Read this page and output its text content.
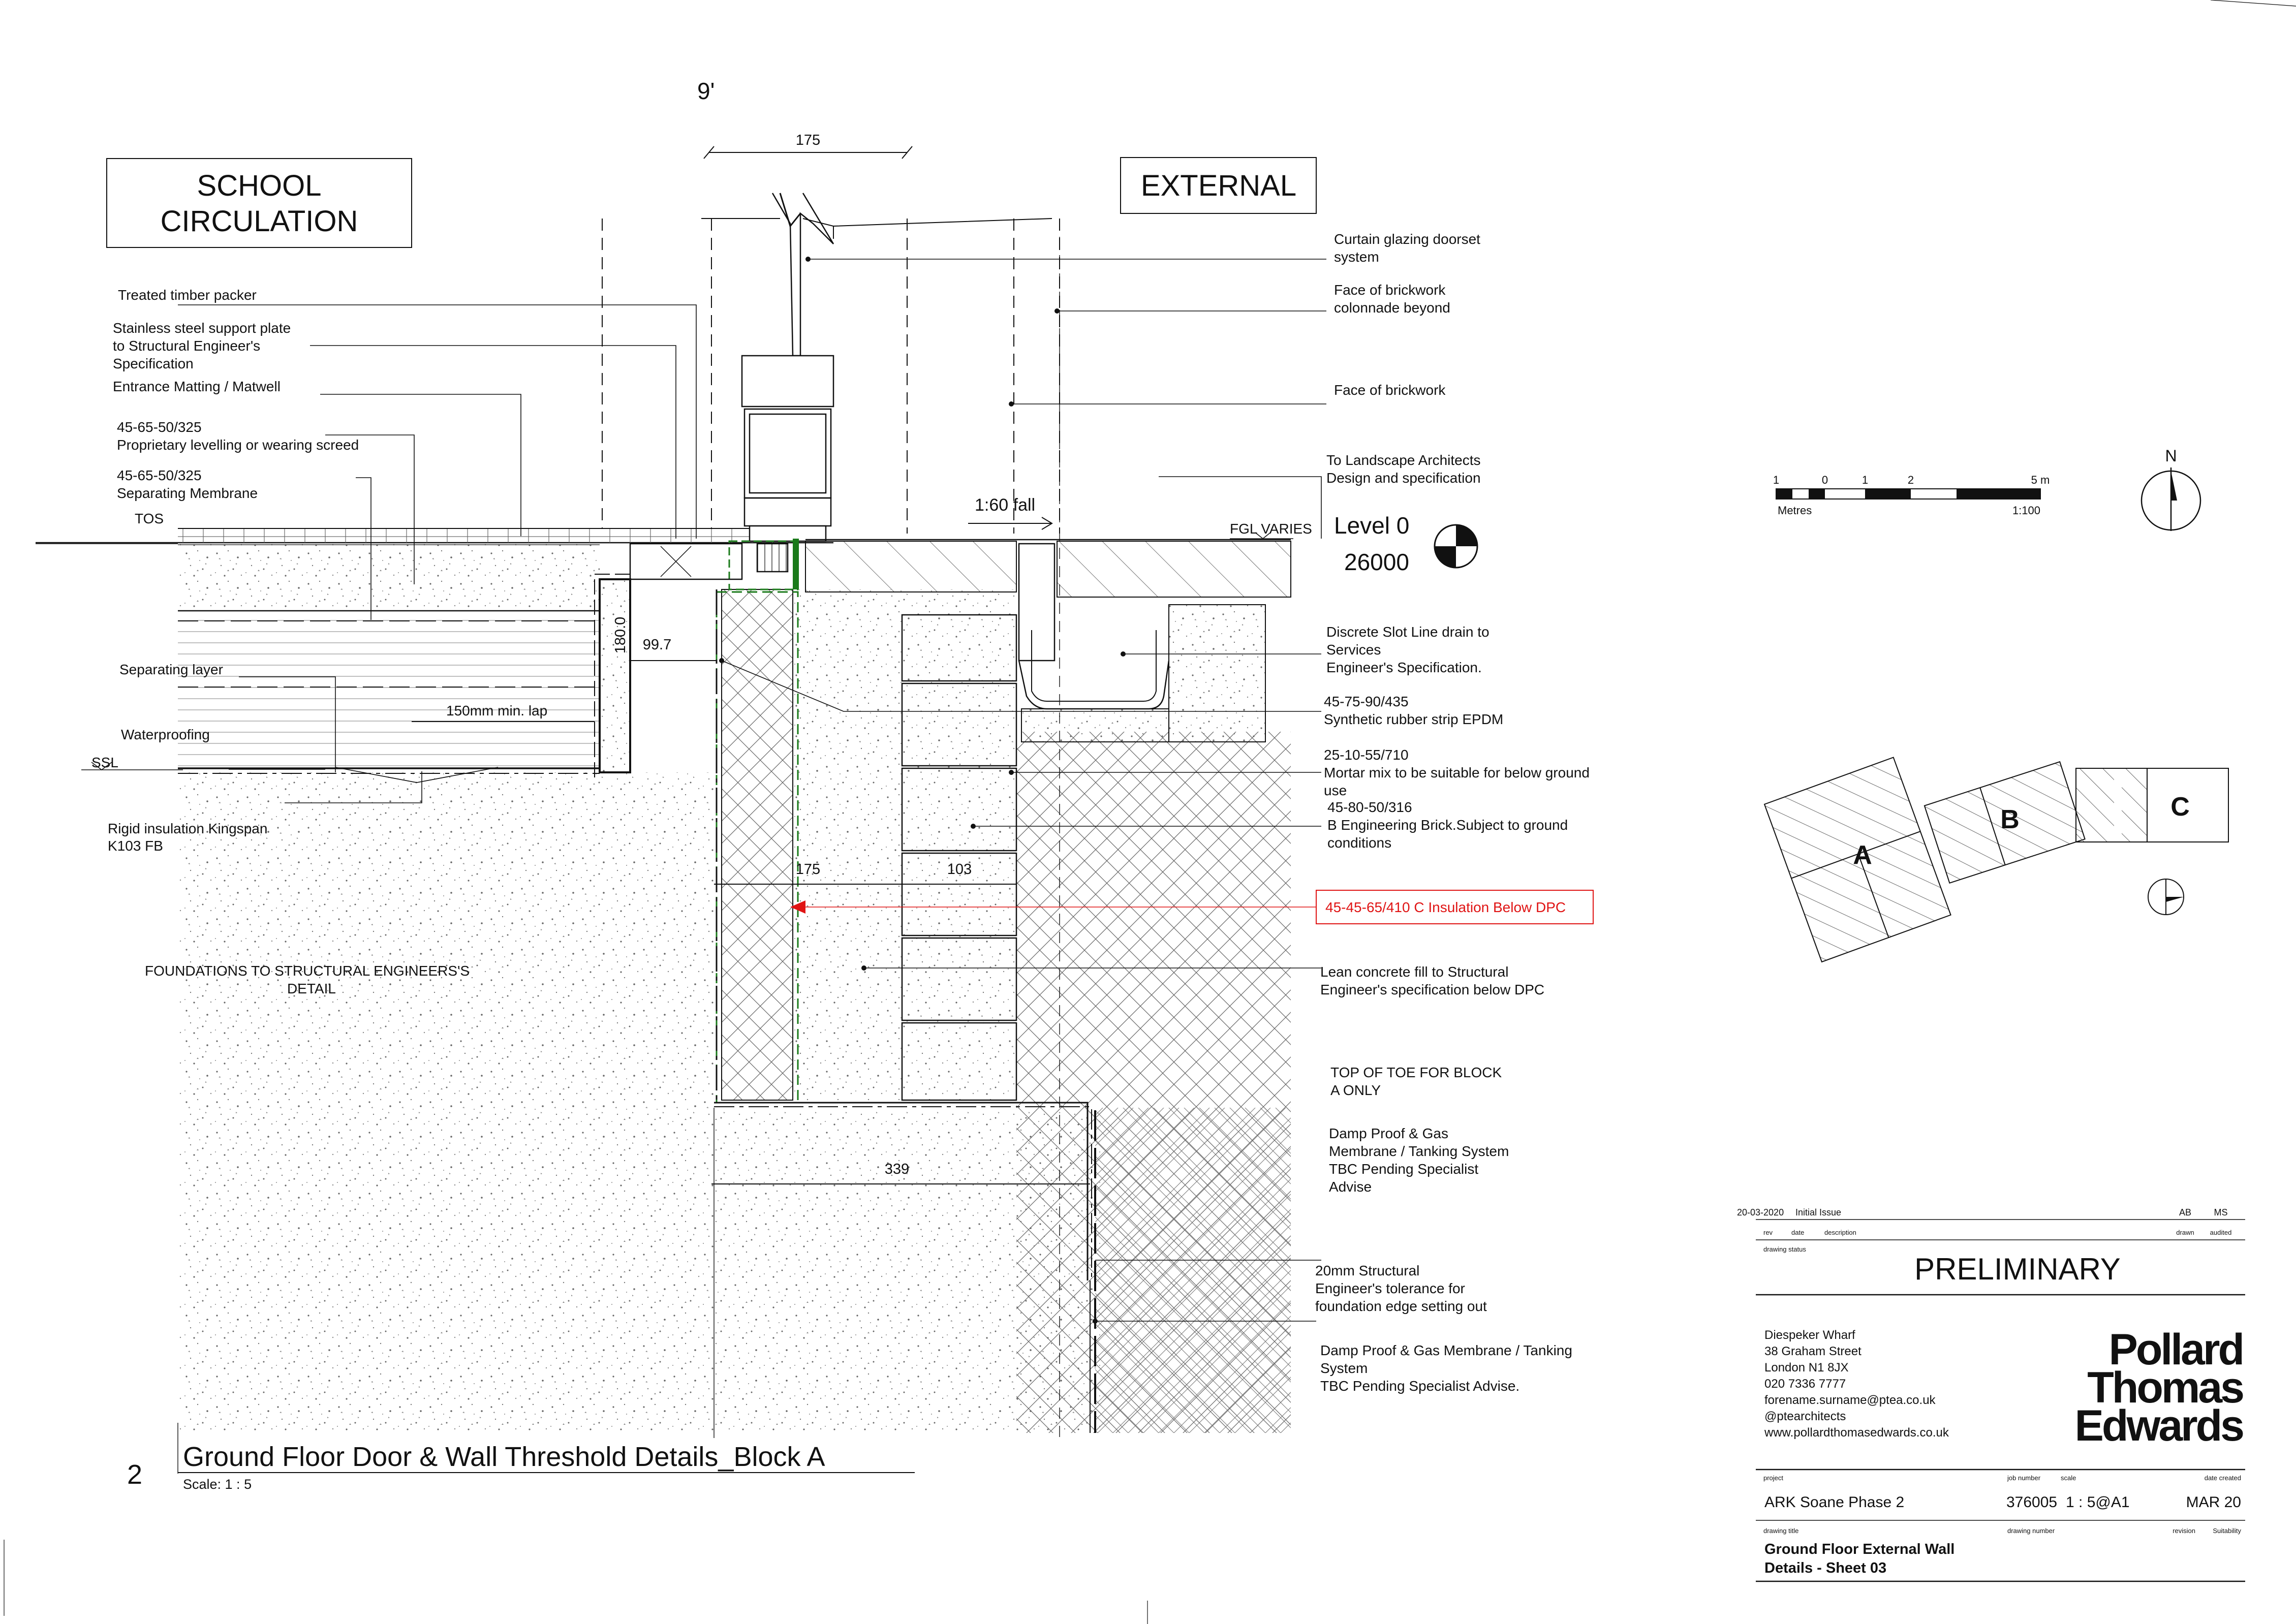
9'
SCHOOL
CIRCULATION
EXTERNAL
175
175	103
339
99.7
180.0
150mm min. lap
1:60 fall
TOS
SSL
FGL VARIES Level 0
26000
Treated timber packer
Stainless steel support plate
to Structural Engineer's
Specification
Entrance Matting / Matwell
45-65-50/325
Proprietary levelling or wearing screed
45-65-50/325
Separating Membrane
Separating layer
Waterproofing
Rigid insulation Kingspan
K103 FB
FOUNDATIONS TO STRUCTURAL ENGINEERS'S
DETAIL
Curtain glazing doorset
system
Face of brickwork
colonnade beyond
Face of brickwork
To Landscape Architects
Design and specification
Discrete Slot Line drain to
Services
Engineer's Specification.
45-75-90/435
Synthetic rubber strip EPDM
25-10-55/710
Mortar mix to be suitable for below ground
use
45-80-50/316
B Engineering Brick.Subject to ground
conditions
45-45-65/410 C Insulation Below DPC
Lean concrete fill to Structural
Engineer's specification below DPC
TOP OF TOE FOR BLOCK
A ONLY
Damp Proof & Gas
Membrane / Tanking System
TBC Pending Specialist
Advise
20mm Structural
Engineer's tolerance for
foundation edge setting out
Damp Proof & Gas Membrane / Tanking
System
TBC Pending Specialist Advise.
2
Ground Floor Door & Wall Threshold Details_Block A
Scale: 1 : 5
1	0	1	2	5 m
Metres	1:100
N
A
B	C
20-03-2020 Initial Issue	AB MS
rev	date	description	drawn audited
drawing status
PRELIMINARY
Diespeker Wharf
38 Graham Street
London N1 8JX
020 7336 7777
forename.surname@ptea.co.uk
@ptearchitects
www.pollardthomasedwards.co.uk
Pollard
Thomas
Edwards
project	job number	scale	date created
ARK Soane Phase 2	376005 1 : 5@A1	MAR 20
drawing title	drawing number	revision	Suitability
Ground Floor External Wall
Details - Sheet 03
